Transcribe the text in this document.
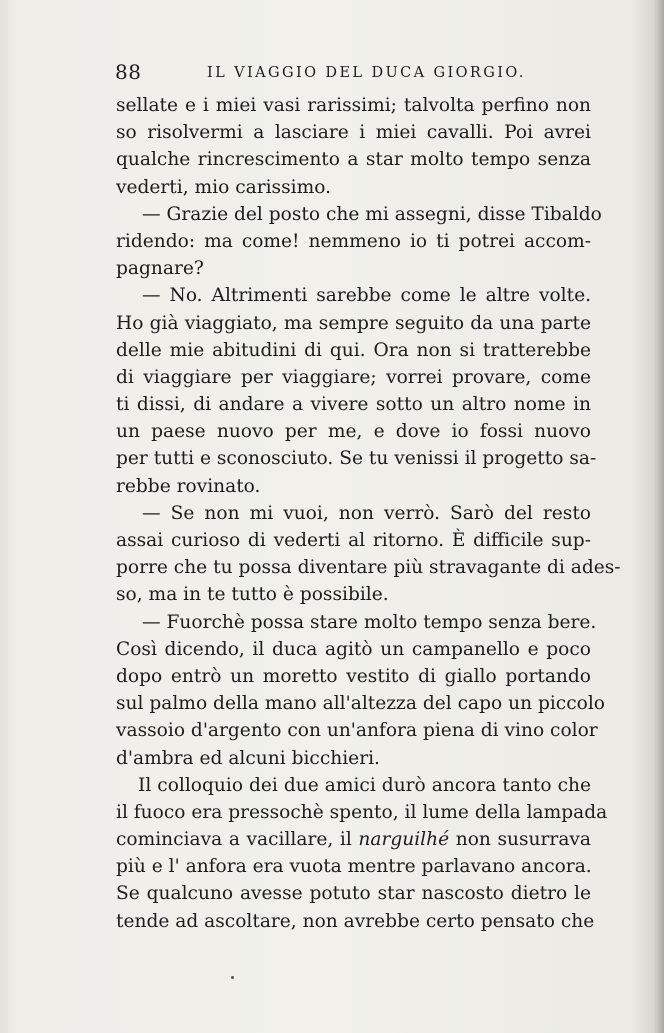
88	IL VIAGGIO DEL DUCA GIORGIO.
sellate e i miei vasi rarissimi; talvolta perfino non
so risolvermi a lasciare i miei cavalli. Poi avrei
qualche rincrescimento a star molto tempo senza
vederti, mio carissimo.
— Grazie del posto che mi assegni, disse Tibaldo
ridendo: ma come! nemmeno io ti potrei accom-
pagnare?
— No. Altrimenti sarebbe come le altre volte.
Ho già viaggiato, ma sempre seguito da una parte
delle mie abitudini di qui. Ora non si tratterebbe
di viaggiare per viaggiare; vorrei provare, come
ti dissi, di andare a vivere sotto un altro nome in
un paese nuovo per me, e dove io fossi nuovo
per tutti e sconosciuto. Se tu venissi il progetto sa-
rebbe rovinato.
— Se non mi vuoi, non verrò. Sarò del resto
assai curioso di vederti al ritorno. È difficile sup-
porre che tu possa diventare più stravagante di ades-
so, ma in te tutto è possibile.
— Fuorchè possa stare molto tempo senza bere.
Così dicendo, il duca agitò un campanello e poco
dopo entrò un moretto vestito di giallo portando
sul palmo della mano all'altezza del capo un piccolo
vassoio d'argento con un'anfora piena di vino color
d'ambra ed alcuni bicchieri.
Il colloquio dei due amici durò ancora tanto che
il fuoco era pressochè spento, il lume della lampada
cominciava a vacillare, il narguilhé non susurrava
più e l' anfora era vuota mentre parlavano ancora.
Se qualcuno avesse potuto star nascosto dietro le
tende ad ascoltare, non avrebbe certo pensato che
